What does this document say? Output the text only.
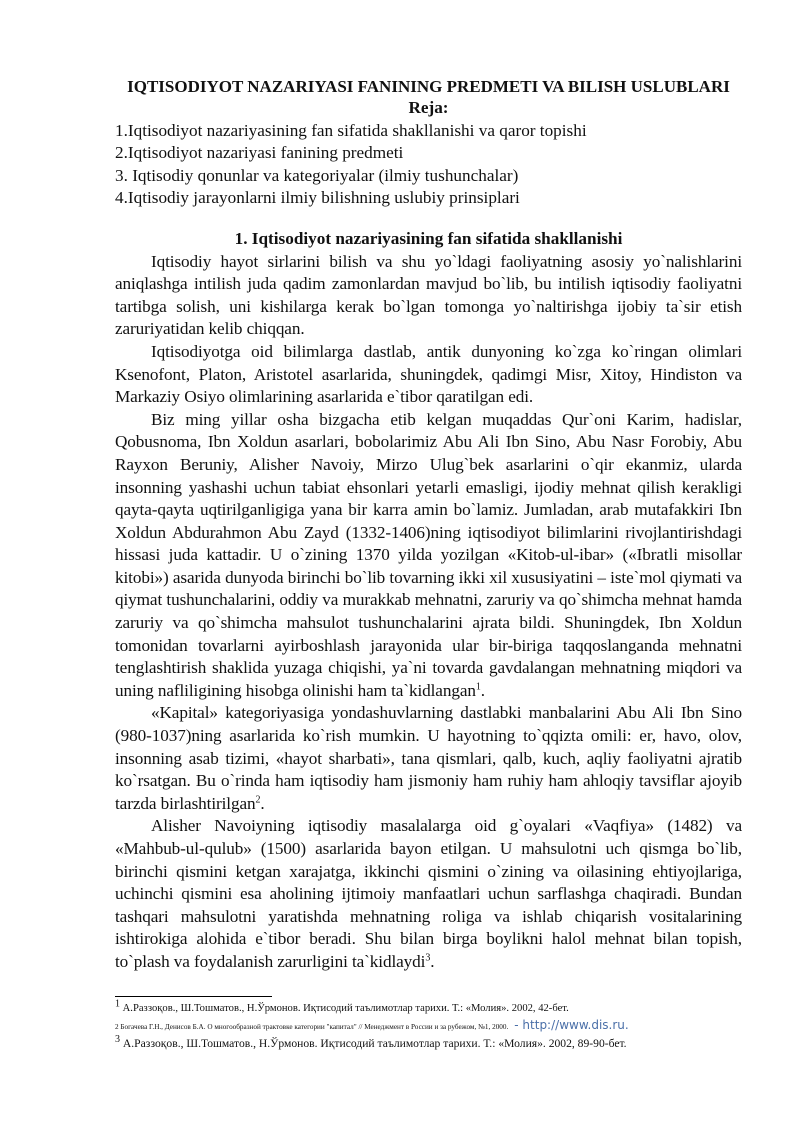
IQTISODIYOT NAZARIYASI FANINING PREDMETI VA BILISH USLUBLARI
Reja:
1.Iqtisodiyot nazariyasining fan sifatida shakllanishi va qaror topishi
2.Iqtisodiyot nazariyasi fanining predmeti
3. Iqtisodiy qonunlar va kategoriyalar (ilmiy tushunchalar)
4.Iqtisodiy jarayonlarni ilmiy bilishning uslubiy prinsiplari
1. Iqtisodiyot nazariyasining fan sifatida shakllanishi

Iqtisodiy hayot sirlarini bilish va shu yo`ldagi faoliyatning asosiy yo`nalishlarini aniqlashga intilish juda qadim zamonlardan mavjud bo`lib, bu intilish iqtisodiy faoliyatni tartibga solish, uni kishilarga kerak bo`lgan tomonga yo`naltirishga ijobiy ta`sir etish zaruriyatidan kelib chiqqan.

Iqtisodiyotga oid bilimlarga dastlab, antik dunyoning ko`zga ko`ringan olimlari Ksenofont, Platon, Aristotel asarlarida, shuningdek, qadimgi Misr, Xitoy, Hindiston va Markaziy Osiyo olimlarining asarlarida e`tibor qaratilgan edi.

Biz ming yillar osha bizgacha etib kelgan muqaddas Qur`oni Karim, hadislar, Qobusnoma, Ibn Xoldun asarlari, bobolarimiz Abu Ali Ibn Sino, Abu Nasr Forobiy, Abu Rayxon Beruniy, Alisher Navoiy, Mirzo Ulug`bek asarlarini o`qir ekanmiz, ularda insonning yashashi uchun tabiat ehsonlari yetarli emasligi, ijodiy mehnat qilish kerakligi qayta-qayta uqtirilganligiga yana bir karra amin bo`lamiz. Jumladan, arab mutafakkiri Ibn Xoldun Abdurahmon Abu Zayd (1332-1406)ning iqtisodiyot bilimlarini rivojlantirishdagi hissasi juda kattadir. U o`zining 1370 yilda yozilgan «Kitob-ul-ibar» («Ibratli misollar kitobi») asarida dunyoda birinchi bo`lib tovarning ikki xil xususiyatini – iste`mol qiymati va qiymat tushunchalarini, oddiy va murakkab mehnatni, zaruriy va qo`shimcha mehnat hamda zaruriy va qo`shimcha mahsulot tushunchalarini ajrata bildi. Shuningdek, Ibn Xoldun tomonidan tovarlarni ayirboshlash jarayonida ular bir-biriga taqqoslanganda mehnatni tenglashtirish shaklida yuzaga chiqishi, ya`ni tovarda gavdalangan mehnatning miqdori va uning nafliligining hisobga olinishi ham ta`kidlangan$^1$.

«Kapital» kategoriyasiga yondashuvlarning dastlabki manbalarini Abu Ali Ibn Sino (980-1037)ning asarlarida ko`rish mumkin. U hayotning to`qqizta omili: er, havo, olov, insonning asab tizimi, «hayot sharbati», tana qismlari, qalb, kuch, aqliy faoliyatni ajratib ko`rsatgan. Bu o`rinda ham iqtisodiy ham jismoniy ham ruhiy ham ahloqiy tavsiflar ajoyib tarzda birlashtirilgan$^2$.

Alisher Navoiyning iqtisodiy masalalarga oid g`oyalari «Vaqfiya» (1482) va «Mahbub-ul-qulub» (1500) asarlarida bayon etilgan. U mahsulotni uch qismga bo`lib, birinchi qismini ketgan xarajatga, ikkinchi qismini o`zining va oilasining ehtiyojlariga, uchinchi qismini esa aholining ijtimoiy manfaatlari uchun sarflashga chaqiradi. Bundan tashqari mahsulotni yaratishda mehnatning roliga va ishlab chiqarish vositalarining ishtirokiga alohida e`tibor beradi. Shu bilan birga boylikni halol mehnat bilan topish, to`plash va foydalanish zarurligini ta`kidlaydi$^3$.

$^1$ А.Раззоқов., Ш.Тошматов., Н.Ўрмонов. Иқтисодий таълимотлар тарихи. Т.: «Молия». 2002, 42-бет.
2 Богачева Г.Н., Денисов Б.А. О многообразной трактовке категории "капитал" // Менеджмент в России и за рубежом, №1, 2000. - http://www.dis.ru.
$^3$ А.Раззоқов., Ш.Тошматов., Н.Ўрмонов. Иқтисодий таълимотлар тарихи. Т.: «Молия». 2002, 89-90-бет.
